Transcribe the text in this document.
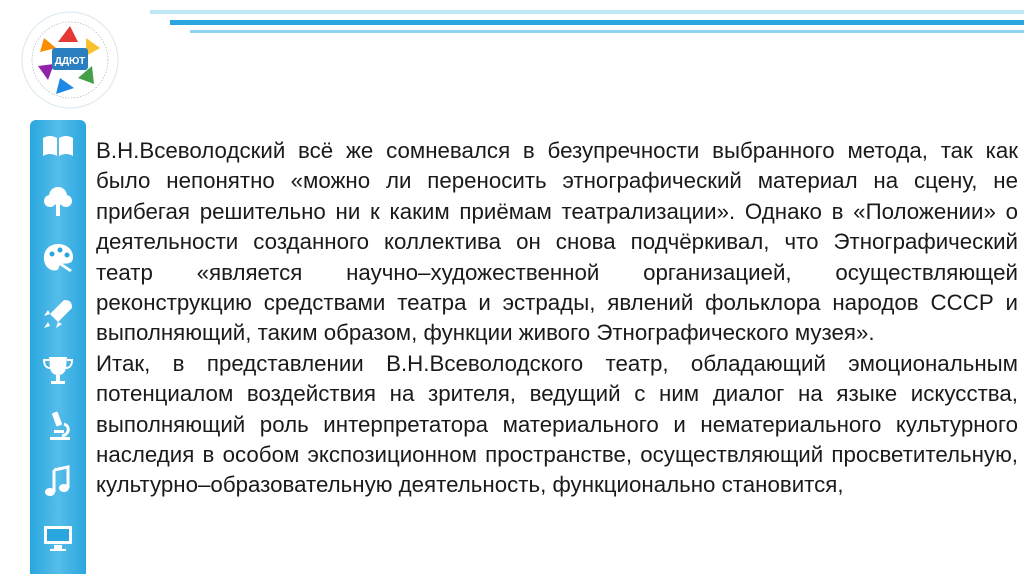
ДДЮТ

В.Н.Всеволодский всё же сомневался в безупречности выбранного метода, так как было непонятно «можно ли переносить этнографический материал на сцену, не прибегая решительно ни к каким приёмам театрализации». Однако в «Положении» о деятельности созданного коллектива он снова подчёркивал, что Этнографический театр «является научно–художественной организацией, осуществляющей реконструкцию средствами театра и эстрады, явлений фольклора народов СССР и выполняющий, таким образом, функции живого Этнографического музея».

Итак, в представлении В.Н.Всеволодского театр, обладающий эмоциональным потенциалом воздействия на зрителя, ведущий с ним диалог на языке искусства, выполняющий роль интерпретатора материального и нематериального культурного наследия в особом экспозиционном пространстве, осуществляющий просветительную, культурно–образовательную деятельность, функционально становится,
